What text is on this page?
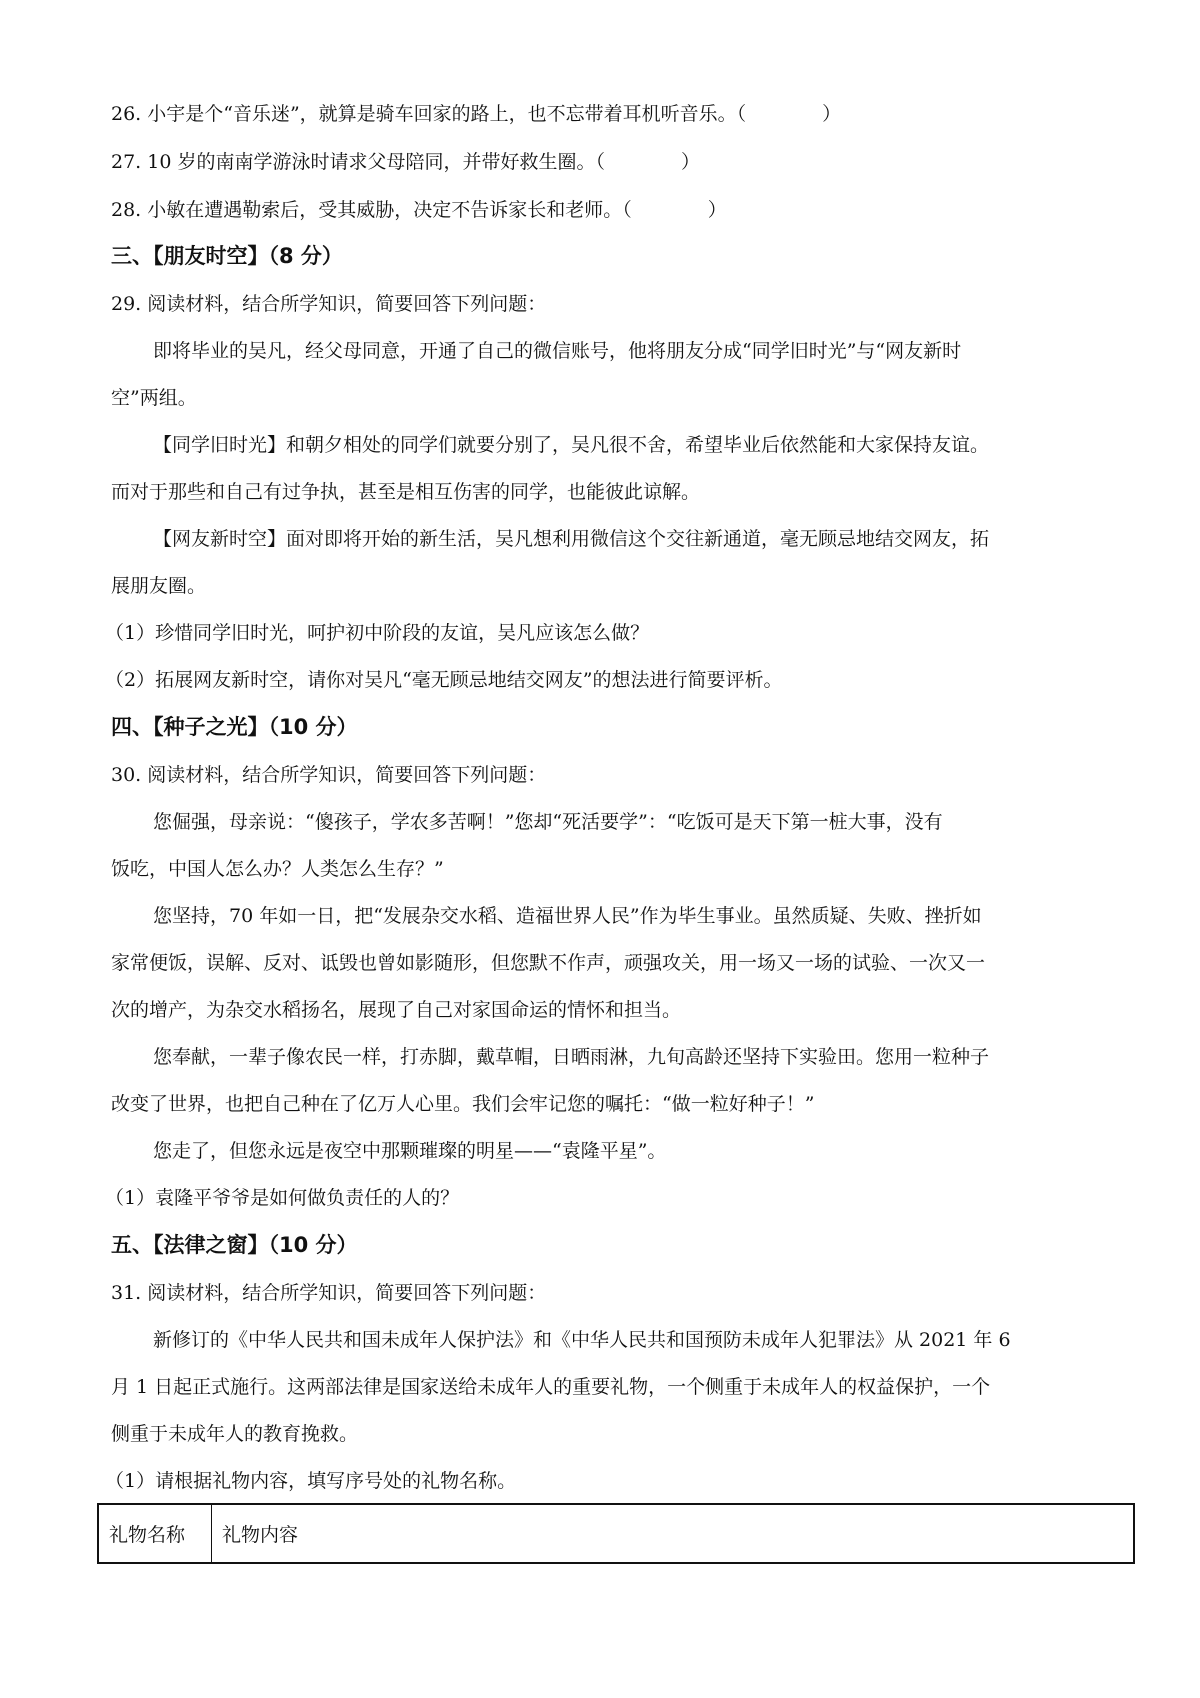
26. 小宇是个“音乐迷”，就算是骑车回家的路上，也不忘带着耳机听音乐。（　　　　）
27. 10 岁的南南学游泳时请求父母陪同，并带好救生圈。（　　　　）
28. 小敏在遭遇勒索后，受其威胁，决定不告诉家长和老师。（　　　　）
三、【朋友时空】（8 分）
29. 阅读材料，结合所学知识，简要回答下列问题：
即将毕业的吴凡，经父母同意，开通了自己的微信账号，他将朋友分成“同学旧时光”与“网友新时
空”两组。
【同学旧时光】和朝夕相处的同学们就要分别了，吴凡很不舍，希望毕业后依然能和大家保持友谊。
而对于那些和自己有过争执，甚至是相互伤害的同学，也能彼此谅解。
【网友新时空】面对即将开始的新生活，吴凡想利用微信这个交往新通道，毫无顾忌地结交网友，拓
展朋友圈。
（1）珍惜同学旧时光，呵护初中阶段的友谊，吴凡应该怎么做？
（2）拓展网友新时空，请你对吴凡“毫无顾忌地结交网友”的想法进行简要评析。
四、【种子之光】（10 分）
30. 阅读材料，结合所学知识，简要回答下列问题：
您倔强，母亲说：“傻孩子，学农多苦啊！”您却“死活要学”：“吃饭可是天下第一桩大事，没有
饭吃，中国人怎么办？人类怎么生存？”
您坚持，70 年如一日，把“发展杂交水稻、造福世界人民”作为毕生事业。虽然质疑、失败、挫折如
家常便饭，误解、反对、诋毁也曾如影随形，但您默不作声，顽强攻关，用一场又一场的试验、一次又一
次的增产，为杂交水稻扬名，展现了自己对家国命运的情怀和担当。
您奉献，一辈子像农民一样，打赤脚，戴草帽，日晒雨淋，九旬高龄还坚持下实验田。您用一粒种子
改变了世界，也把自己种在了亿万人心里。我们会牢记您的嘱托：“做一粒好种子！”
您走了，但您永远是夜空中那颗璀璨的明星——“袁隆平星”。
（1）袁隆平爷爷是如何做负责任的人的？
五、【法律之窗】（10 分）
31. 阅读材料，结合所学知识，简要回答下列问题：
新修订的《中华人民共和国未成年人保护法》和《中华人民共和国预防未成年人犯罪法》从 2021 年 6
月 1 日起正式施行。这两部法律是国家送给未成年人的重要礼物，一个侧重于未成年人的权益保护，一个
侧重于未成年人的教育挽救。
（1）请根据礼物内容，填写序号处的礼物名称。
礼物名称	礼物内容
